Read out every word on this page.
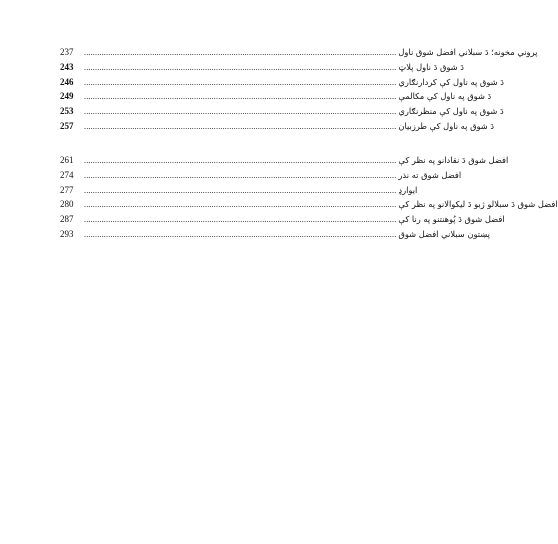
237	.............................................................................................................................................. پروني مخونه؛ دَ سبلاني افضل شوق ناول
243	.............................................................................................................................................. دَ شوق دَ ناول پلاټ
246	.............................................................................................................................................. دَ شوق په ناول کې کردارنګاري
249	.............................................................................................................................................. دَ شوق په ناول کې مکالمې
253	.............................................................................................................................................. دَ شوق په ناول کې منظرنګاري
257	.............................................................................................................................................. دَ شوق په ناول کې طرزبيان
261	.............................................................................................................................................. افضل شوق دَ نقادانو په نظر کې
274	.............................................................................................................................................. افضل شوق ته نذر
277	.............................................................................................................................................. ايوارډ
280	.............................................................................................................................................. افضل شوق دَ سبلالو ژبو دَ ليکوالانو په نظر کې
287	.............................................................................................................................................. افضل شوق دَ پُوهنتنو په رنا کې
293	.............................................................................................................................................. پښتون سبلاني افضل شوق
